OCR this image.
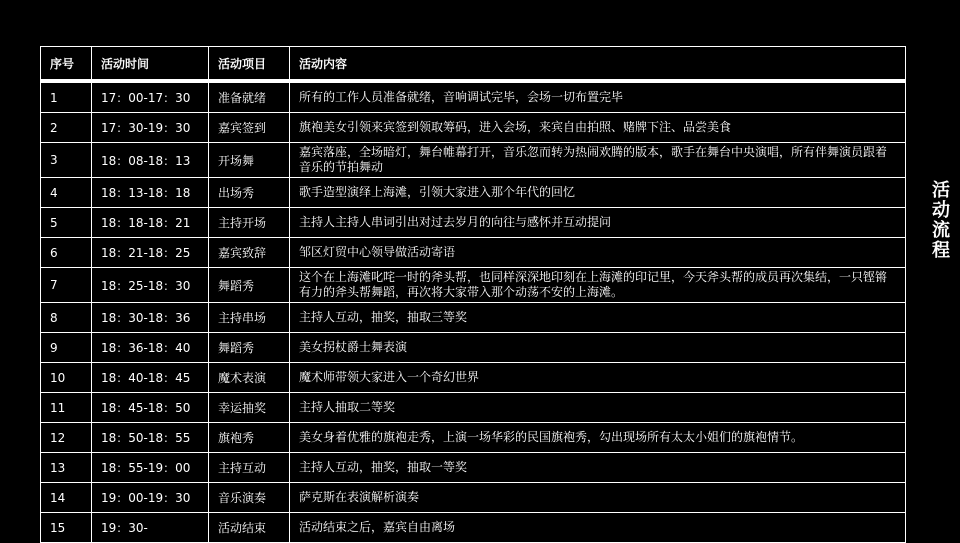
序号	活动时间	活动项目	活动内容
1	17：00-17：30	准备就绪	所有的工作人员准备就绪，音响调试完毕，会场一切布置完毕
2	17：30-19：30	嘉宾签到	旗袍美女引领来宾签到领取筹码，进入会场，来宾自由拍照、赌牌下注、品尝美食
3	18：08-18：13	开场舞	嘉宾落座，全场暗灯，舞台帷幕打开，音乐忽而转为热闹欢腾的版本，歌手在舞台中央演唱，所有伴舞演员跟着音乐的节拍舞动
4	18：13-18：18	出场秀	歌手造型演绎上海滩，引领大家进入那个年代的回忆
5	18：18-18：21	主持开场	主持人主持人串词引出对过去岁月的向往与感怀并互动提问
6	18：21-18：25	嘉宾致辞	邹区灯贸中心领导做活动寄语
7	18：25-18：30	舞蹈秀	这个在上海滩叱咤一时的斧头帮，也同样深深地印刻在上海滩的印记里，今天斧头帮的成员再次集结，一只铿锵有力的斧头帮舞蹈，再次将大家带入那个动荡不安的上海滩。
8	18：30-18：36	主持串场	主持人互动，抽奖，抽取三等奖
9	18：36-18：40	舞蹈秀	美女拐杖爵士舞表演
10	18：40-18：45	魔术表演	魔术师带领大家进入一个奇幻世界
11	18：45-18：50	幸运抽奖	主持人抽取二等奖
12	18：50-18：55	旗袍秀	美女身着优雅的旗袍走秀，上演一场华彩的民国旗袍秀，勾出现场所有太太小姐们的旗袍情节。
13	18：55-19：00	主持互动	主持人互动，抽奖，抽取一等奖
14	19：00-19：30	音乐演奏	萨克斯在表演解析演奏
15	19：30-	活动结束	活动结束之后，嘉宾自由离场
活动流程
